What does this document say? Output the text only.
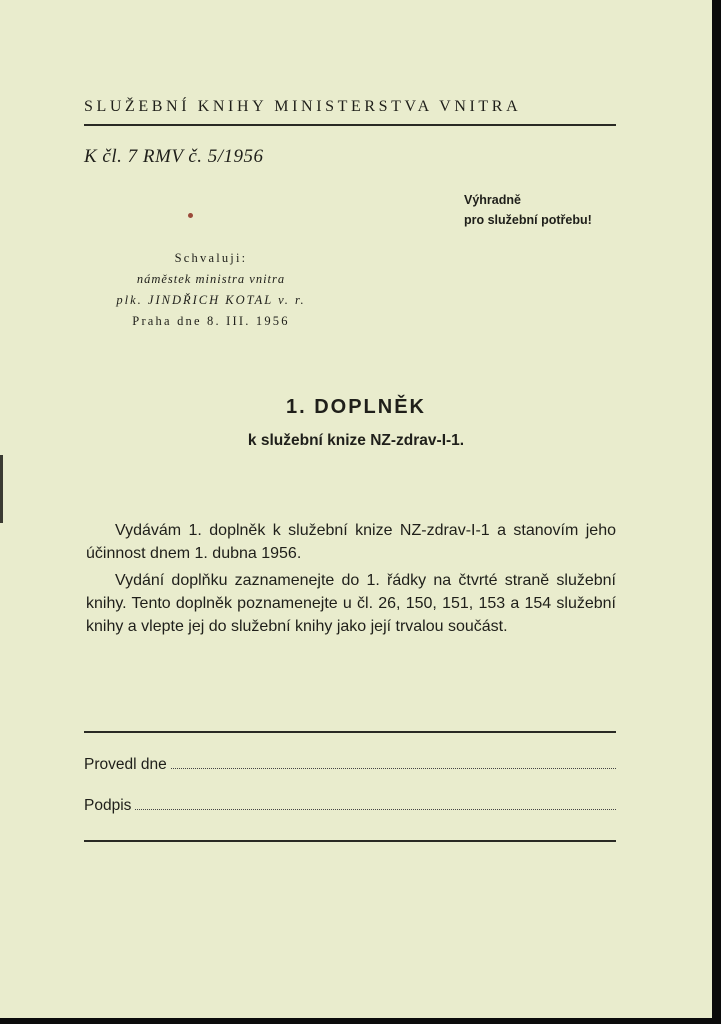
SLUŽEBNÍ KNIHY MINISTERSTVA VNITRA
K čl. 7 RMV č. 5/1956
Výhradně
pro služební potřebu!
Schvaluji:
náměstek ministra vnitra
plk. JINDŘICH KOTAL v. r.
Praha dne 8. III. 1956
1. DOPLNĚK
k služební knize NZ-zdrav-I-1.

Vydávám 1. doplněk k služební knize NZ-zdrav-I-1 a stanovím jeho účinnost dnem 1. dubna 1956.

Vydání doplňku zaznamenejte do 1. řádky na čtvrté straně služební knihy. Tento doplněk poznamenejte u čl. 26, 150, 151, 153 a 154 služební knihy a vlepte jej do služební knihy jako její trvalou součást.

Provedl dne
Podpis
